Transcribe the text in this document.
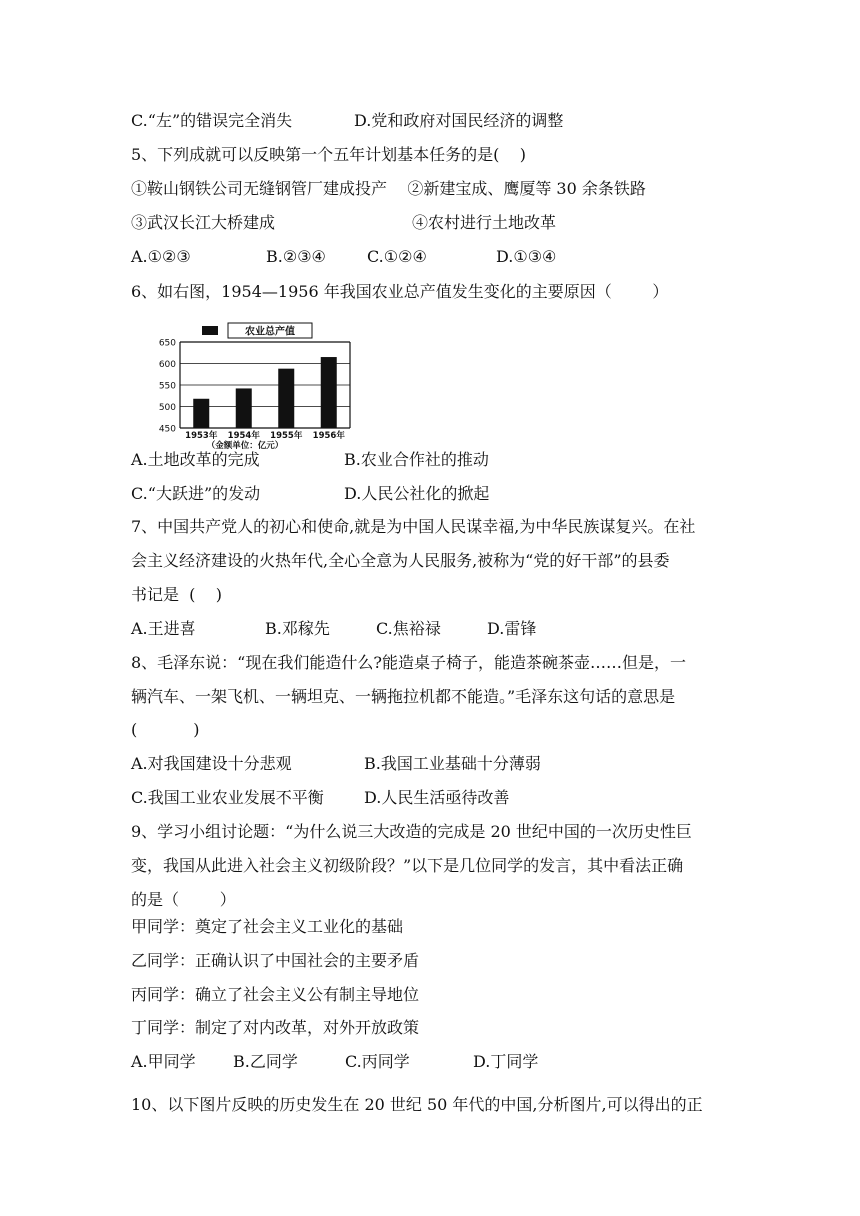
C.“左”的错误完全消失	D.党和政府对国民经济的调整
5、下列成就可以反映第一个五年计划基本任务的是(    )
①鞍山钢铁公司无缝钢管厂建成投产    ②新建宝成、鹰厦等 30 余条铁路
③武汉长江大桥建成	④农村进行土地改革
A.①②③	B.②③④	C.①②④	D.①③④
6、如右图，1954—1956 年我国农业总产值发生变化的主要原因（        ）
农业总产值
450
500
550
600
650
1953年 1954年 1955年 1956年
（金额单位：亿元）
A.土地改革的完成	B.农业合作社的推动
C.“大跃进”的发动	D.人民公社化的掀起
7、中国共产党人的初心和使命,就是为中国人民谋幸福,为中华民族谋复兴。在社
会主义经济建设的火热年代,全心全意为人民服务,被称为“党的好干部”的县委
书记是  (    )
A.王进喜	B.邓稼先	C.焦裕禄	D.雷锋
8、毛泽东说：“现在我们能造什么?能造桌子椅子，能造茶碗茶壶……但是，一
辆汽车、一架飞机、一辆坦克、一辆拖拉机都不能造。”毛泽东这句话的意思是
(           )
A.对我国建设十分悲观	B.我国工业基础十分薄弱
C.我国工业农业发展不平衡	D.人民生活亟待改善
9、学习小组讨论题：“为什么说三大改造的完成是 20 世纪中国的一次历史性巨
变，我国从此进入社会主义初级阶段？”以下是几位同学的发言，其中看法正确
的是（        ）
甲同学：奠定了社会主义工业化的基础
乙同学：正确认识了中国社会的主要矛盾
丙同学：确立了社会主义公有制主导地位
丁同学：制定了对内改革，对外开放政策
A.甲同学 B.乙同学	C.丙同学	D.丁同学
10、以下图片反映的历史发生在 20 世纪 50 年代的中国,分析图片,可以得出的正
